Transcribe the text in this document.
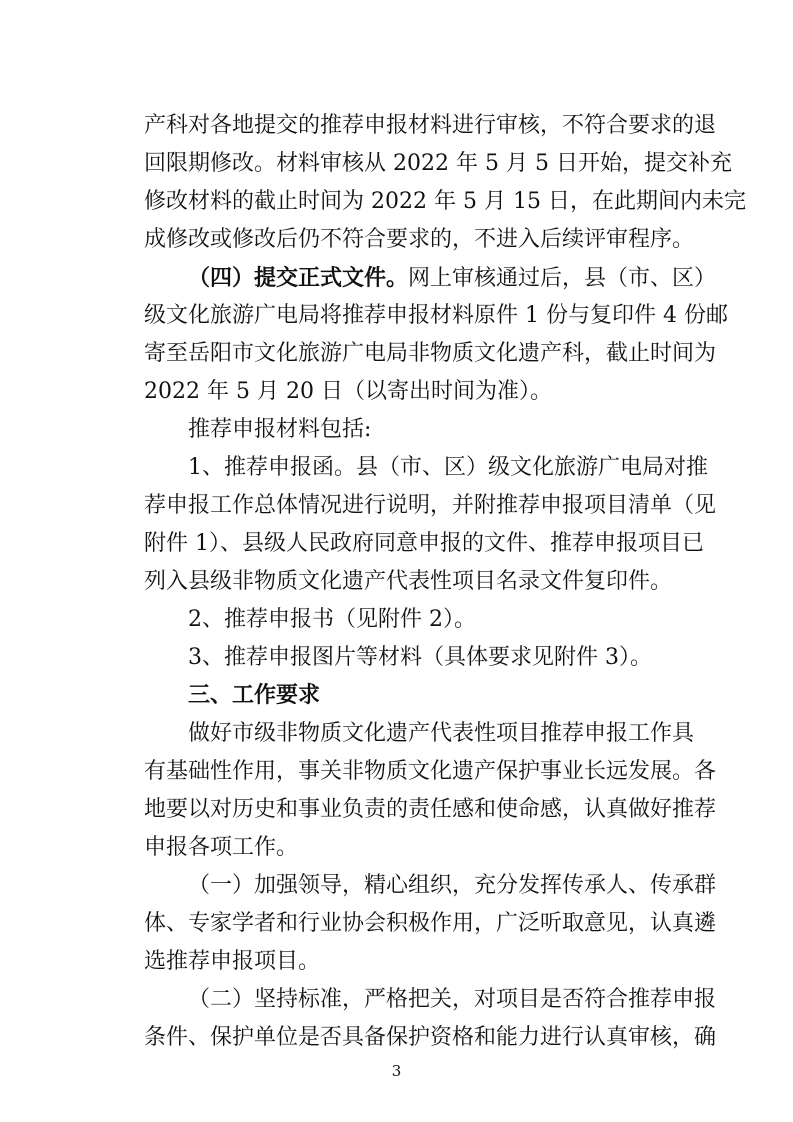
产科对各地提交的推荐申报材料进行审核，不符合要求的退
回限期修改。材料审核从 2022 年 5 月 5 日开始，提交补充
修改材料的截止时间为 2022 年 5 月 15 日，在此期间内未完
成修改或修改后仍不符合要求的，不进入后续评审程序。
（四）提交正式文件。网上审核通过后，县（市、区）
级文化旅游广电局将推荐申报材料原件 1 份与复印件 4 份邮
寄至岳阳市文化旅游广电局非物质文化遗产科，截止时间为
2022 年 5 月 20 日（以寄出时间为准）。
推荐申报材料包括:
1、推荐申报函。县（市、区）级文化旅游广电局对推
荐申报工作总体情况进行说明，并附推荐申报项目清单（见
附件 1）、县级人民政府同意申报的文件、推荐申报项目已
列入县级非物质文化遗产代表性项目名录文件复印件。
2、推荐申报书（见附件 2）。
3、推荐申报图片等材料（具体要求见附件 3）。
三、工作要求
做好市级非物质文化遗产代表性项目推荐申报工作具
有基础性作用，事关非物质文化遗产保护事业长远发展。各
地要以对历史和事业负责的责任感和使命感，认真做好推荐
申报各项工作。
（一）加强领导，精心组织，充分发挥传承人、传承群
体、专家学者和行业协会积极作用，广泛听取意见，认真遴
选推荐申报项目。
（二）坚持标准，严格把关，对项目是否符合推荐申报
条件、保护单位是否具备保护资格和能力进行认真审核，确
3
